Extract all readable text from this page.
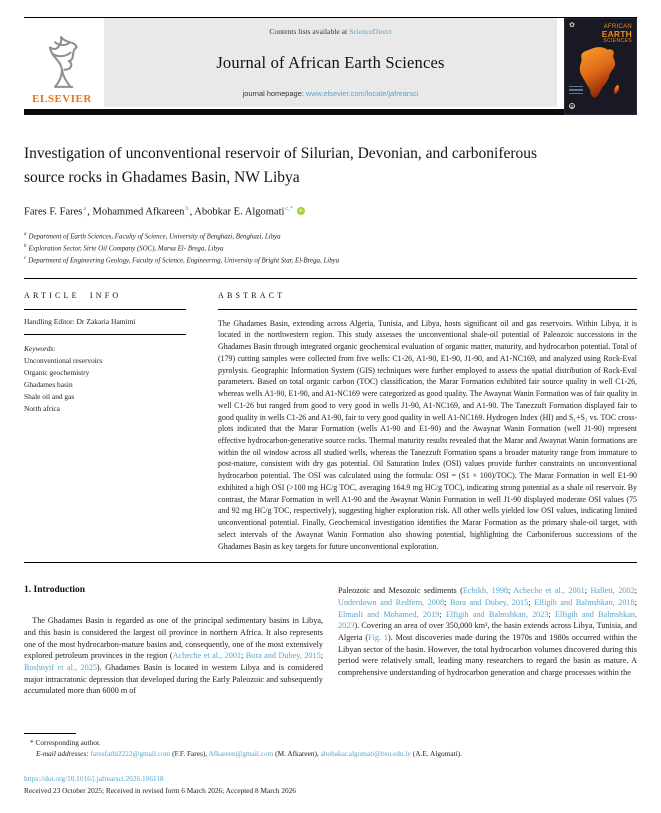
ELSEVIER
Contents lists available at ScienceDirect
Journal of African Earth Sciences
journal homepage: www.elsevier.com/locate/jafrearsci
✿	AFRICAN
EARTH
SCIENCES
✿
Investigation of unconventional reservoir of Silurian, Devonian, and carboniferous source rocks in Ghadames Basin, NW Libya
Fares F. Fares$^a$, Mohammed Afkareen$^b$, Abobkar E. Algomati$^{c,*}$	iD
$^a$ Department of Earth Sciences, Faculty of Science, University of Benghazi, Benghazi, Libya
$^b$ Exploration Sector, Sirte Oil Company (SOC), Marsa El- Brega, Libya
$^c$ Department of Engineering Geology, Faculty of Science, Engineering, University of Bright Star, El-Brega, Libya
ARTICLE INFO
Handling Editor: Dr Zakaria Hamimi
Keywords:
Unconventional reservoirs
Organic geochemistry
Ghadames basin
Shale oil and gas
North africa
ABSTRACT
The Ghadames Basin, extending across Algeria, Tunisia, and Libya, hosts significant oil and gas reservoirs. Within Libya, it is located in the northwestern region. This study assesses the unconventional shale-oil potential of Paleozoic successions in the Ghadames Basin through integrated organic geochemical evaluation of organic matter, maturity, and hydrocarbon potential. Total of (179) cutting samples were collected from five wells: C1-26, A1-90, E1-90, J1-90, and A1-NC169, and analyzed using Rock-Eval pyrolysis. Geographic Information System (GIS) techniques were further employed to assess the spatial distribution of Rock-Eval parameters. Based on total organic carbon (TOC) classification, the Marar Formation exhibited fair source quality in well C1-26, whereas wells A1-90, E1-90, and A1-NC169 were categorized as good quality. The Awaynat Wanin Formation was of fair quality in well C1-26 but ranged from good to very good in wells J1-90, A1-NC169, and A1-90. The Tanezzuft Formation displayed fair to good quality in wells C1-26 and A1-90, fair to very good quality in well A1-NC169. Hydrogen Index (HI) and S₁+S₂ vs. TOC cross-plots indicated that the Marar Formation (wells A1-90 and E1-90) and the Awaynat Wanin Formation (well J1-90) represent effective hydrocarbon-generative source rocks. Thermal maturity results revealed that the Marar and Awaynat Wanin formations are within the oil window across all studied wells, whereas the Tanezzuft Formation spans a broader maturity range from immature to post-mature, consistent with dry gas potential. Oil Saturation Index (OSI) values provide further constraints on unconventional hydrocarbon potential. The OSI was calculated using the formula: OSI = (S1 × 100)/TOC). The Marar Formation in well E1-90 exhibited a high OSI (>100 mg HC/g TOC, averaging 164.9 mg HC/g TOC), indicating strong potential as a shale oil reservoir. By contrast, the Marar Formation in well A1-90 and the Awaynat Wanin Formation in well J1-90 displayed moderate OSI values (75 and 92 mg HC/g TOC, respectively), suggesting higher exploration risk. All other wells yielded low OSI values, indicating limited unconventional potential. Finally, Geochemical investigation identifies the Marar Formation as the primary shale-oil target, with select intervals of the Awaynat Wanin Formation also showing potential, highlighting the Carboniferous successions of the Ghadames Basin as key targets for future unconventional exploration.
1. Introduction

The Ghadames Basin is regarded as one of the principal sedimentary basins in Libya, and this basin is considered the largest oil province in northern Africa. It also represents one of the most hydrocarbon-mature basins and, consequently, one of the most extensively explored petroleum provinces in the region (Acheche et al., 2001; Bora and Dubey, 2015; Boshnyif et al., 2025). Ghadames Basin is located in western Libya and is considered major intracratonic depression that developed during the Early Paleozoic and subsequently accumulated more than 6000 m of

Paleozoic and Mesozoic sediments (Echikh, 1998; Acheche et al., 2001; Hallett, 2002; Underdown and Redfern, 2008; Bora and Dubey, 2015; Elfigih and Balmshkan, 2018; Elmasli and Mohamed, 2019; Elfigih and Balmshkan, 2023; Elfigih and Balmshkan, 2023). Covering an area of over 350,000 km², the basin extends across Libya, Tunisia, and Algeria (Fig. 1). Most discoveries made during the 1970s and 1980s occurred within the Libyan sector of the basin. However, the total hydrocarbon volumes discovered during this period were relatively small, leading many researchers to regard the basin as mature. A comprehensive understanding of hydrocarbon generation and charge processes within the

* Corresponding author.
E-mail addresses: faresfathi2222@gmail.com (F.F. Fares), Afkareen@gmail.com (M. Afkareen), abobakar.algomati@bsu.edu.ly (A.E. Algomati).
https://doi.org/10.1016/j.jafrearsci.2026.106118
Received 23 October 2025; Received in revised form 6 March 2026; Accepted 8 March 2026
